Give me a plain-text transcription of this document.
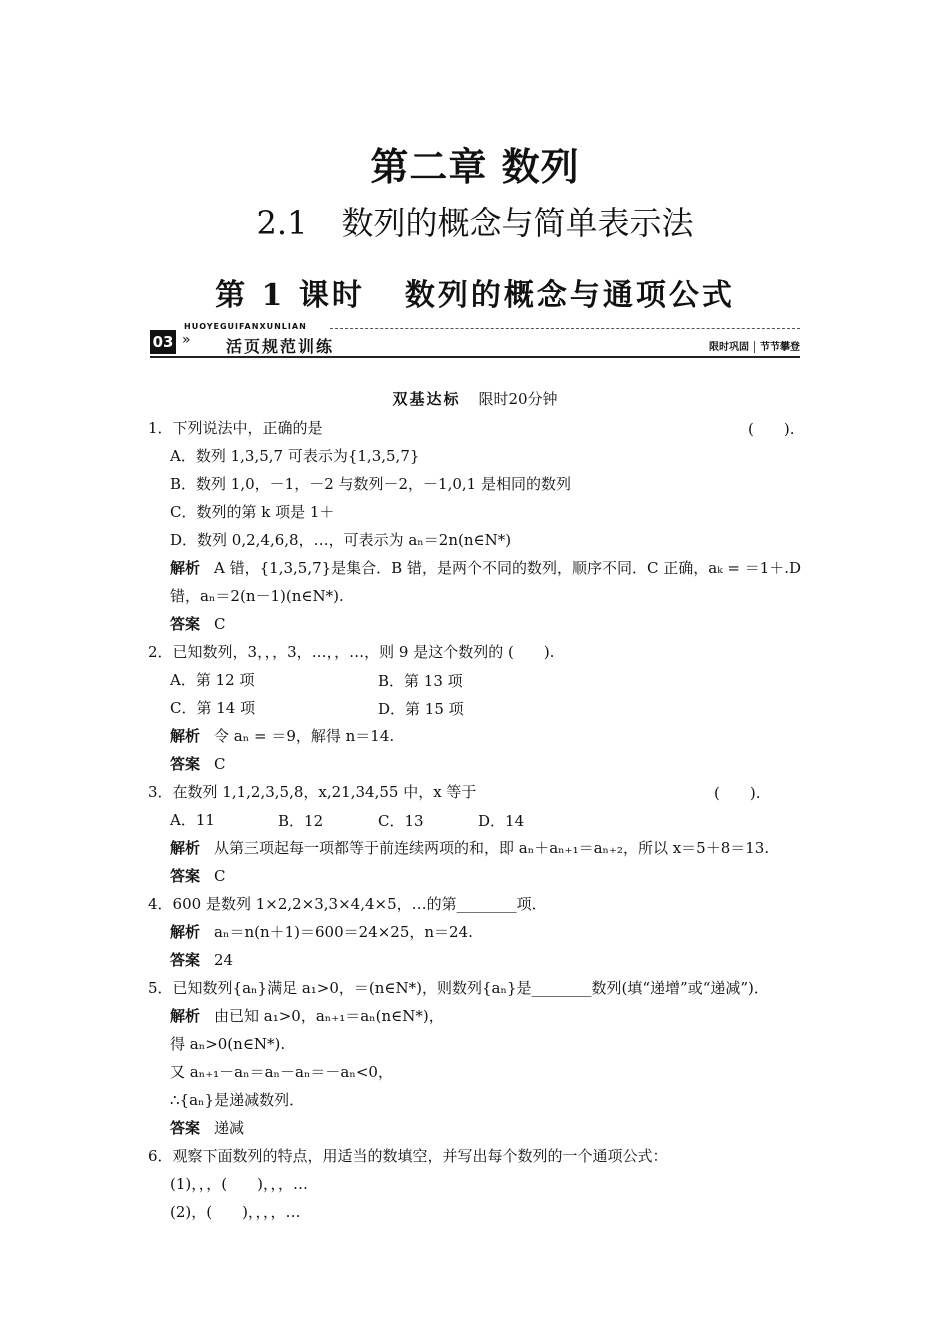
第二章 数列
2.1 数列的概念与简单表示法
第 1 课时 数列的概念与通项公式
HUOYEGUIFANXUNLIAN
03 » 活页规范训练	限时巩固 节节攀登
双基达标 限时20分钟
1．下列说法中，正确的是	(　　).
A．数列 1,3,5,7 可表示为{1,3,5,7}
B．数列 1,0，－1，－2 与数列－2，－1,0,1 是相同的数列
C．数列的第 k 项是 1＋
D．数列 0,2,4,6,8，…，可表示为 aₙ＝2n(n∈N*)
解析 A 错，{1,3,5,7}是集合．B 错，是两个不同的数列，顺序不同．C 正确，aₖ = ＝1＋.D
错，aₙ＝2(n－1)(n∈N*).
答案 C
2．已知数列，3，，，3，…，，…，则 9 是这个数列的 (　　).
A．第 12 项	B．第 13 项
C．第 14 项	D．第 15 项
解析 令 aₙ = ＝9，解得 n＝14.
答案 C
3．在数列 1,1,2,3,5,8，x,21,34,55 中，x 等于	(　　).
A．11	B．12	C．13	D．14
解析 从第三项起每一项都等于前连续两项的和，即 aₙ＋aₙ₊₁＝aₙ₊₂，所以 x＝5＋8＝13.
答案 C
4．600 是数列 1×2,2×3,3×4,4×5，…的第________项．
解析 aₙ＝n(n＋1)＝600＝24×25，n＝24.
答案 24
5．已知数列{aₙ}满足 a₁>0，＝(n∈N*)，则数列{aₙ}是________数列(填“递增”或“递减”)．
解析 由已知 a₁>0，aₙ₊₁＝aₙ(n∈N*)，
得 aₙ>0(n∈N*).
又 aₙ₊₁－aₙ＝aₙ－aₙ＝－aₙ<0，
∴{aₙ}是递减数列．
答案 递减
6．观察下面数列的特点，用适当的数填空，并写出每个数列的一个通项公式：
(1)，，，(　　)，，，…
(2)，(　　)，，，，…
